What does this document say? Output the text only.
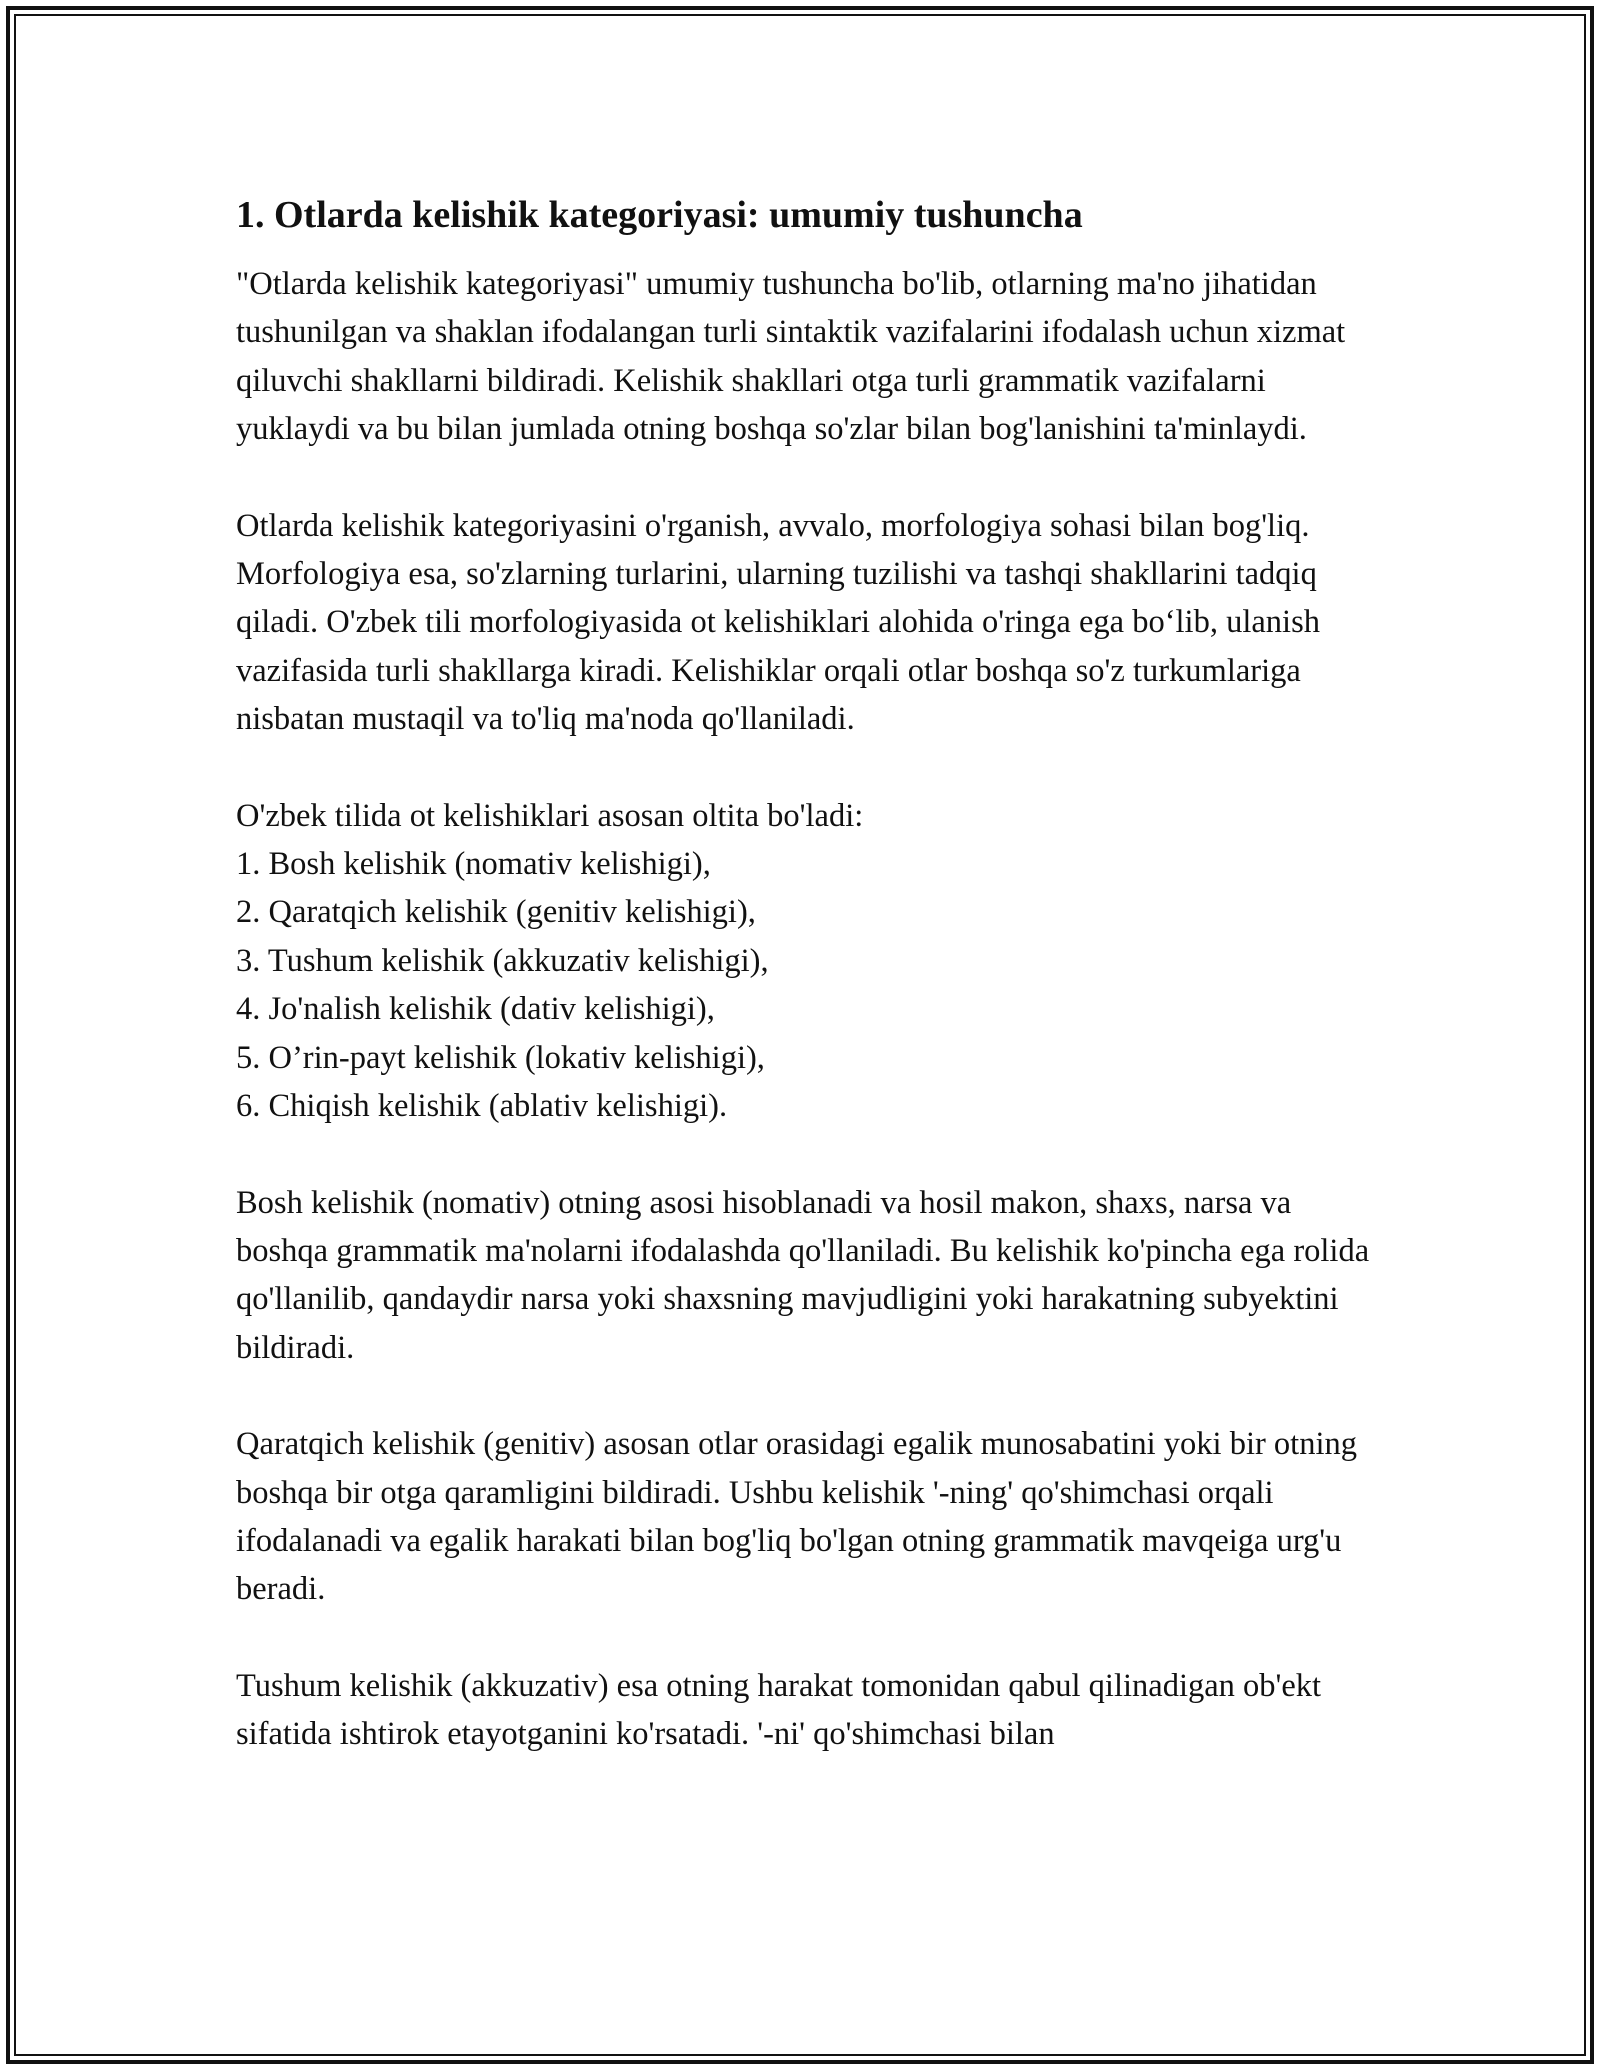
1. Otlarda kelishik kategoriyasi: umumiy tushuncha

"Otlarda kelishik kategoriyasi" umumiy tushuncha bo'lib, otlarning ma'no jihatidan tushunilgan va shaklan ifodalangan turli sintaktik vazifalarini ifodalash uchun xizmat qiluvchi shakllarni bildiradi. Kelishik shakllari otga turli grammatik vazifalarni yuklaydi va bu bilan jumlada otning boshqa so'zlar bilan bog'lanishini ta'minlaydi.

Otlarda kelishik kategoriyasini o'rganish, avvalo, morfologiya sohasi bilan bog'liq. Morfologiya esa, so'zlarning turlarini, ularning tuzilishi va tashqi shakllarini tadqiq qiladi. O'zbek tili morfologiyasida ot kelishiklari alohida o'ringa ega bo‘lib, ulanish vazifasida turli shakllarga kiradi. Kelishiklar orqali otlar boshqa so'z turkumlariga nisbatan mustaqil va to'liq ma'noda qo'llaniladi.

O'zbek tilida ot kelishiklari asosan oltita bo'ladi:

1. Bosh kelishik (nomativ kelishigi),
2. Qaratqich kelishik (genitiv kelishigi),
3. Tushum kelishik (akkuzativ kelishigi),
4. Jo'nalish kelishik (dativ kelishigi),
5. O’rin-payt kelishik (lokativ kelishigi),
6. Chiqish kelishik (ablativ kelishigi).

Bosh kelishik (nomativ) otning asosi hisoblanadi va hosil makon, shaxs, narsa va boshqa grammatik ma'nolarni ifodalashda qo'llaniladi. Bu kelishik ko'pincha ega rolida qo'llanilib, qandaydir narsa yoki shaxsning mavjudligini yoki harakatning subyektini bildiradi.

Qaratqich kelishik (genitiv) asosan otlar orasidagi egalik munosabatini yoki bir otning boshqa bir otga qaramligini bildiradi. Ushbu kelishik '-ning' qo'shimchasi orqali ifodalanadi va egalik harakati bilan bog'liq bo'lgan otning grammatik mavqeiga urg'u beradi.

Tushum kelishik (akkuzativ) esa otning harakat tomonidan qabul qilinadigan ob'ekt sifatida ishtirok etayotganini ko'rsatadi. '-ni' qo'shimchasi bilan
